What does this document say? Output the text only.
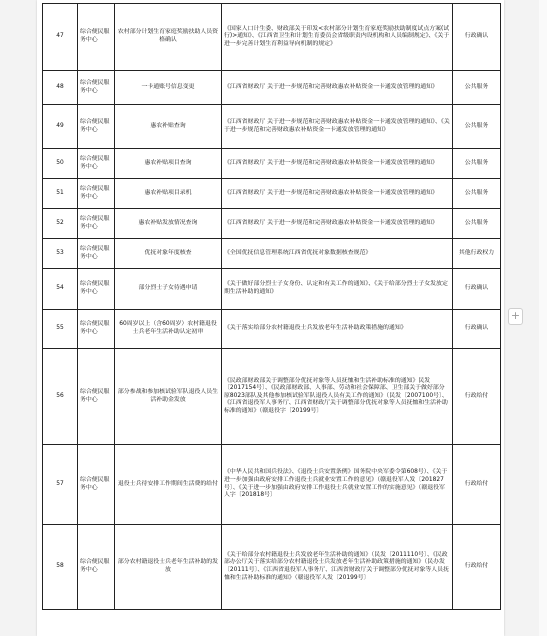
47	综合便民服务中心	农村部分计划生育家庭奖励扶助人员资格确认	《国家人口计生委、财政部关于印发<农村部分计划生育家庭奖励扶助制度试点方案(试行)>通知》、《江西省卫生和计划生育委员会省级职责内设机构和人员编制规定》、《关于进一步完善计划生育利益导向机制的规定》	行政确认
48	综合便民服务中心	一卡通账号信息变更	《江西省财政厅 关于进一步规范和完善财政惠农补贴资金一卡通发放管理的通知》	公共服务
49	综合便民服务中心	惠农补贴查询	《江西省财政厅 关于进一步规范和完善财政惠农补贴资金一卡通发放管理的通知》、《关于进一步规范和完善财政惠农补贴资金一卡通发放管理的通知》	公共服务
50	综合便民服务中心	惠农补贴项目查询	《江西省财政厅 关于进一步规范和完善财政惠农补贴资金一卡通发放管理的通知》	公共服务
51	综合便民服务中心	惠农补贴项目录机	《江西省财政厅 关于进一步规范和完善财政惠农补贴资金一卡通发放管理的通知》	公共服务
52	综合便民服务中心	惠农补贴发放情况查询	《江西省财政厅 关于进一步规范和完善财政惠农补贴资金一卡通发放管理的通知》	公共服务
53	综合便民服务中心	优抚对象年度核查	《全国优抚信息管理系统江西省优抚对象数据核查规范》	其他行政权力
54	综合便民服务中心	部分烈士子女待遇申请	《关于做好部分烈士子女身份、认定和有关工作的通知》、《关于给部分烈士子女发放定期生活补助的通知》	行政确认
55	综合便民服务中心	60周岁以上（含60周岁）农村籍退役士兵老年生活补助认定初审	《关于落实给部分农村籍退役士兵发放老年生活补助政策措施的通知》	行政确认
56	综合便民服务中心	部分参战和参加核试验军队退役人员生活补助金发放	《民政部财政部关于调整部分优抚对象等人员抚恤和生活补助标准的通知》民发〔2017154号〕、《民政部财政部、人事部、劳动和社会保障部、卫生部关于做好部分原8023部队及其他参加核试验军队退役人员有关工作的通知》（民发〔2007100号〕、《江西省退役军人事务厅、江西省财政厅关于调整部分优抚对象等人员抚恤和生活补助标准的通知》（赣退役字〔20199号〕	行政给付
57	综合便民服务中心	退役士兵待安排工作期间生活费的给付	《中华人民共和国兵役法》、《退役士兵安置条例》国务院中央军委令第608号）、《关于进一步加强由政府安排工作退役士兵就业安置工作的意见》（赣退役军人发〔201827号〕、《关于进一步加强由政府安排工作退役士兵就业安置工作的实施意见》（赣退役军人字〔201818号〕	行政给付
58	综合便民服务中心	部分农村籍退役士兵老年生活补助的发放	《关于给部分农村籍退役士兵发放老年生活补助的通知》（民发〔2011110号〕、《民政部办公厅关于落实给部分农村籍退役士兵发放老年生活补助政策措施的通知》（民办发〔20111号〕、《江西省退役军人事务厅、江西省财政厅关于调整部分优抚对象等人员抚恤和生活补助标准的通知》（赣退役军人发〔20199号〕	行政给付
+
